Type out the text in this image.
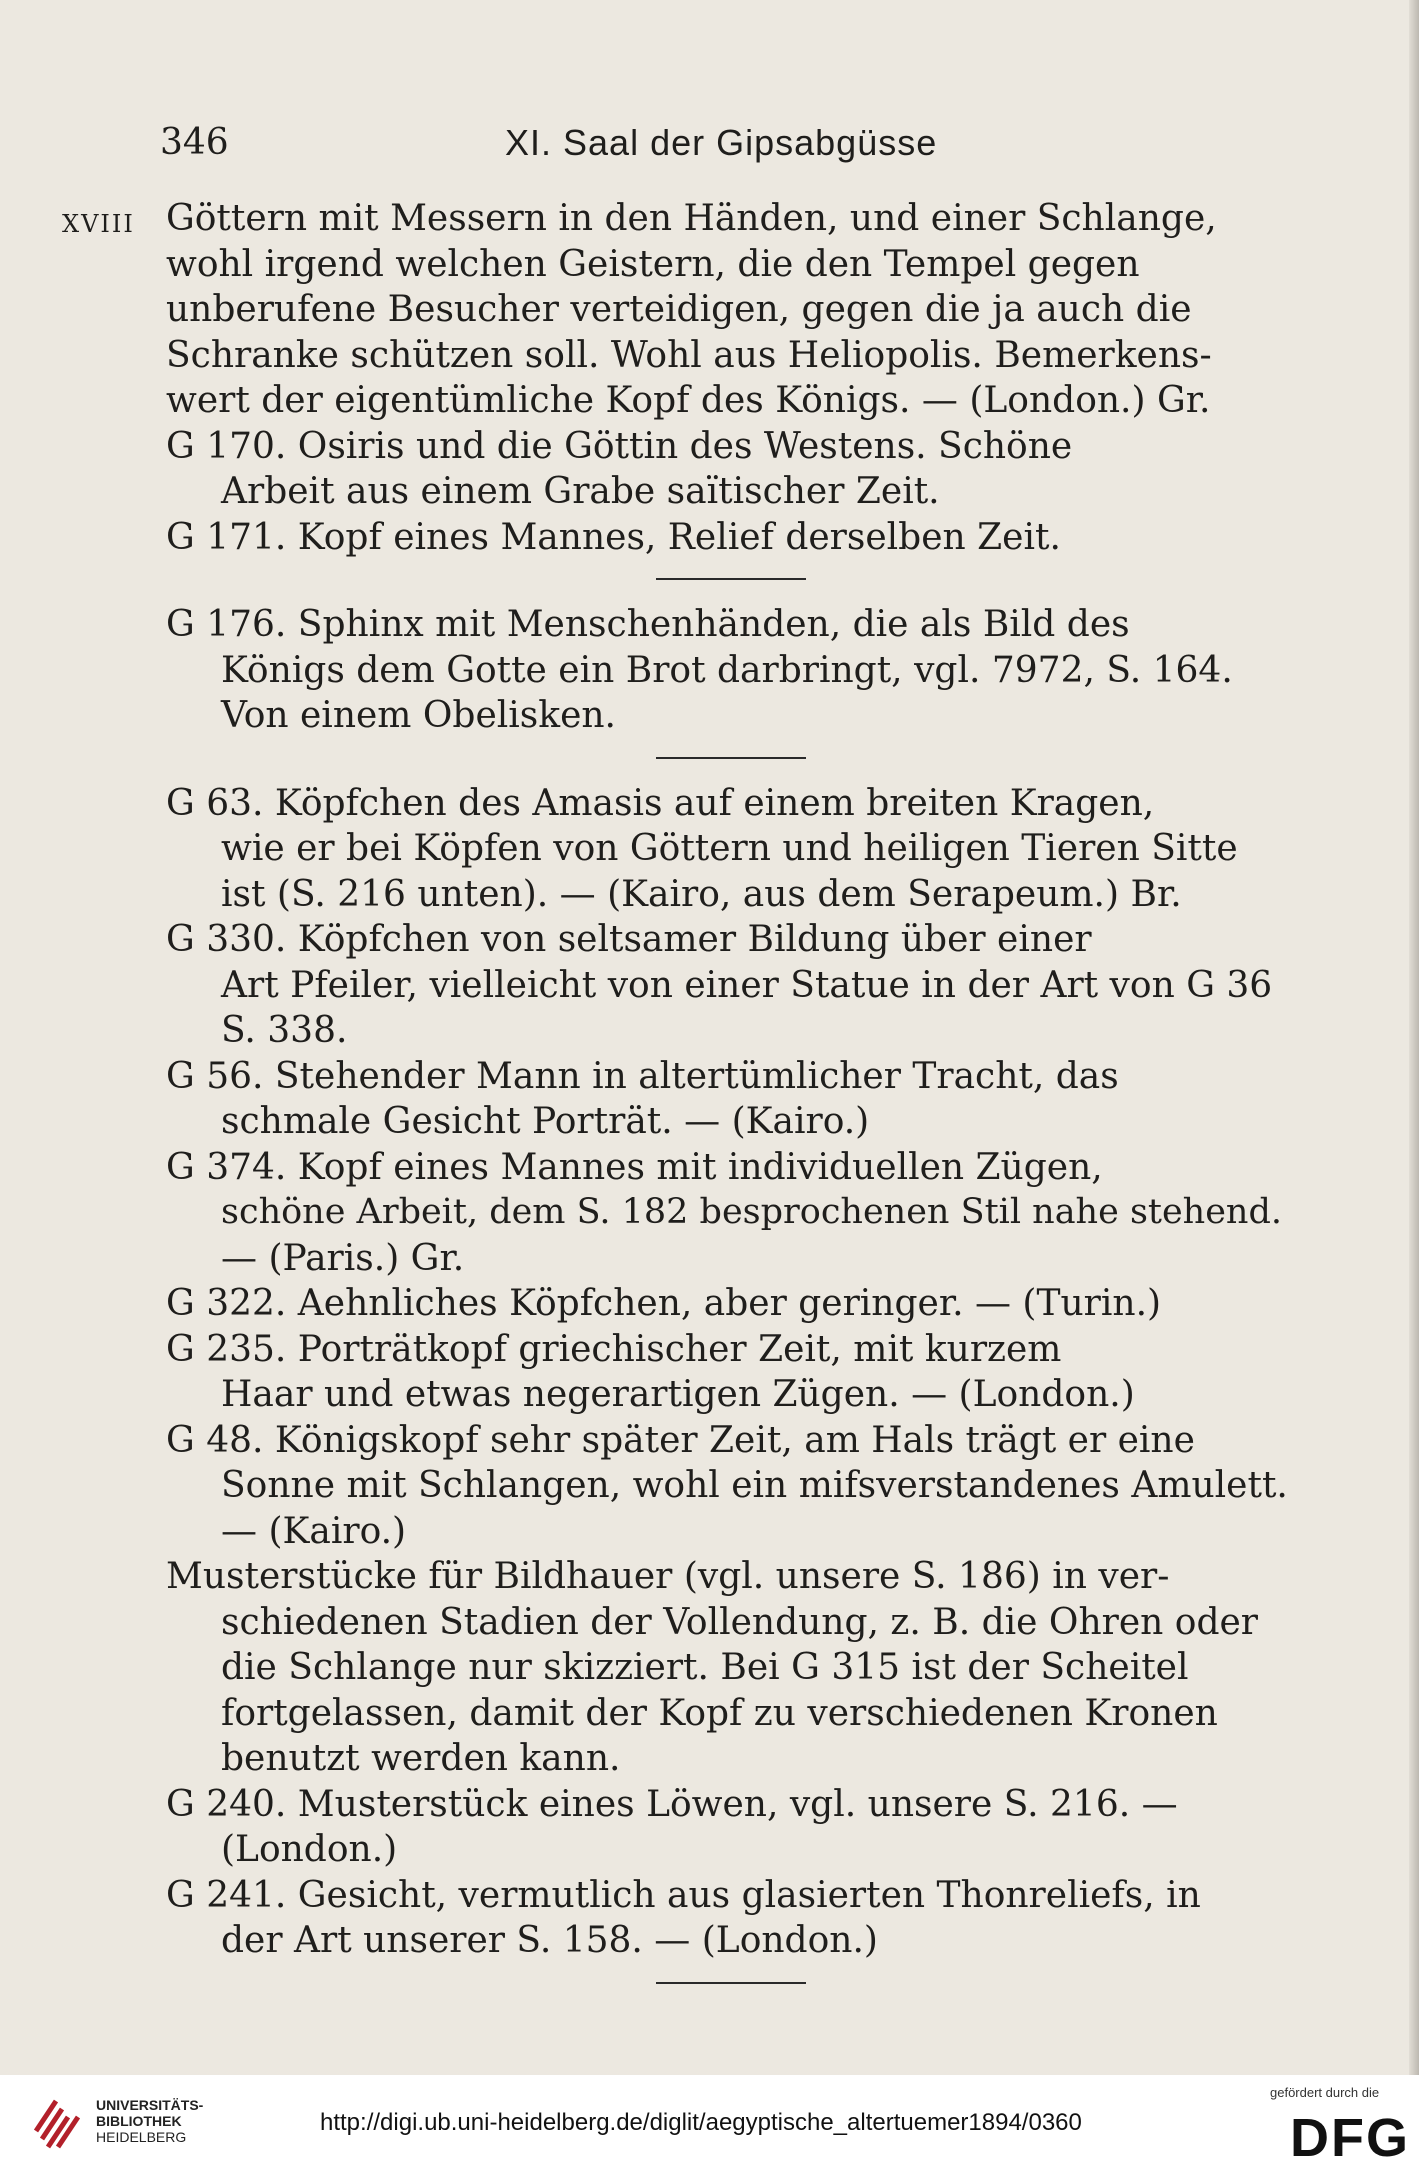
346	XI. Saal der Gipsabgüsse
XVIII Göttern mit Messern in den Händen, und einer Schlange,
wohl irgend welchen Geistern, die den Tempel gegen
unberufene Besucher verteidigen, gegen die ja auch die
Schranke schützen soll. Wohl aus Heliopolis. Bemerkens-
wert der eigentümliche Kopf des Königs. — (London.) Gr.
G 170. Osiris und die Göttin des Westens. Schöne
Arbeit aus einem Grabe saïtischer Zeit.
G 171. Kopf eines Mannes, Relief derselben Zeit.
G 176. Sphinx mit Menschenhänden, die als Bild des
Königs dem Gotte ein Brot darbringt, vgl. 7972, S. 164.
Von einem Obelisken.
G 63. Köpfchen des Amasis auf einem breiten Kragen,
wie er bei Köpfen von Göttern und heiligen Tieren Sitte
ist (S. 216 unten). — (Kairo, aus dem Serapeum.) Br.
G 330. Köpfchen von seltsamer Bildung über einer
Art Pfeiler, vielleicht von einer Statue in der Art von G 36
S. 338.
G 56. Stehender Mann in altertümlicher Tracht, das
schmale Gesicht Porträt. — (Kairo.)
G 374. Kopf eines Mannes mit individuellen Zügen,
schöne Arbeit, dem S. 182 besprochenen Stil nahe stehend.
— (Paris.) Gr.
G 322. Aehnliches Köpfchen, aber geringer. — (Turin.)
G 235. Porträtkopf griechischer Zeit, mit kurzem
Haar und etwas negerartigen Zügen. — (London.)
G 48. Königskopf sehr später Zeit, am Hals trägt er eine
Sonne mit Schlangen, wohl ein mifsverstandenes Amulett.
— (Kairo.)
Musterstücke für Bildhauer (vgl. unsere S. 186) in ver-
schiedenen Stadien der Vollendung, z. B. die Ohren oder
die Schlange nur skizziert. Bei G 315 ist der Scheitel
fortgelassen, damit der Kopf zu verschiedenen Kronen
benutzt werden kann.
G 240. Musterstück eines Löwen, vgl. unsere S. 216. —
(London.)
G 241. Gesicht, vermutlich aus glasierten Thonreliefs, in
der Art unserer S. 158. — (London.)
UNIVERSITÄTS-
BIBLIOTHEK
HEIDELBERG
http://digi.ub.uni-heidelberg.de/diglit/aegyptische_altertuemer1894/0360
gefördert durch die
DFG
